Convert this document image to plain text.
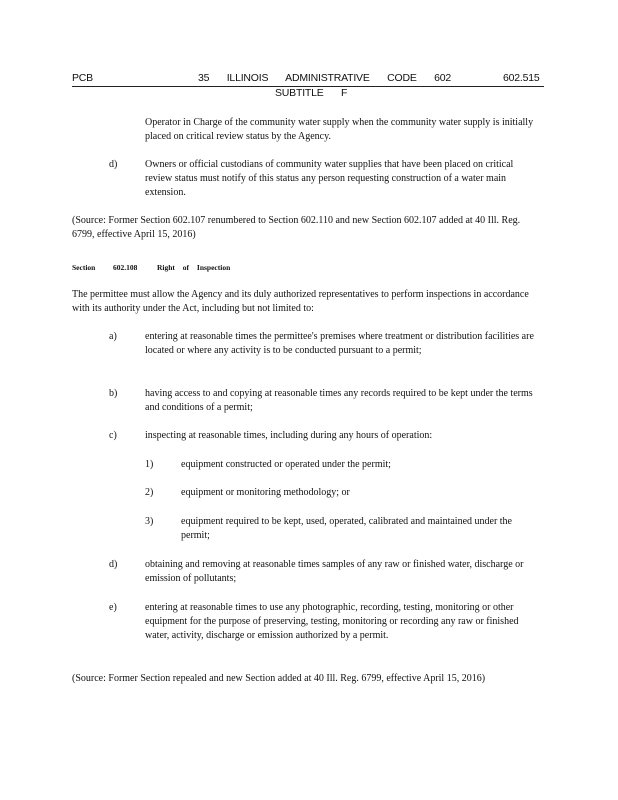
PCB	35  ILLINOIS  ADMINISTRATIVE  CODE  602	602.515
SUBTITLE  F
Operator in Charge of the community water supply when the community water supply is initially placed on critical review status by the Agency.
d)	Owners or official custodians of community water supplies that have been placed on critical review status must notify of this status any person requesting construction of a water main extension.
(Source: Former Section 602.107 renumbered to Section 602.110 and new Section 602.107 added at 40 Ill. Reg. 6799, effective April 15, 2016)
Section 602.108	Right of Inspection
The permittee must allow the Agency and its duly authorized representatives to perform inspections in accordance with its authority under the Act, including but not limited to:
a)	entering at reasonable times the permittee's premises where treatment or distribution facilities are located or where any activity is to be conducted pursuant to a permit;
b)	having access to and copying at reasonable times any records required to be kept under the terms and conditions of a permit;
c)	inspecting at reasonable times, including during any hours of operation:
1)	equipment constructed or operated under the permit;
2)	equipment or monitoring methodology; or
3)	equipment required to be kept, used, operated, calibrated and maintained under the permit;
d)	obtaining and removing at reasonable times samples of any raw or finished water, discharge or emission of pollutants;
e)	entering at reasonable times to use any photographic, recording, testing, monitoring or other equipment for the purpose of preserving, testing, monitoring or recording any raw or finished water, activity, discharge or emission authorized by a permit.
(Source: Former Section repealed and new Section added at 40 Ill. Reg. 6799, effective April 15, 2016)
